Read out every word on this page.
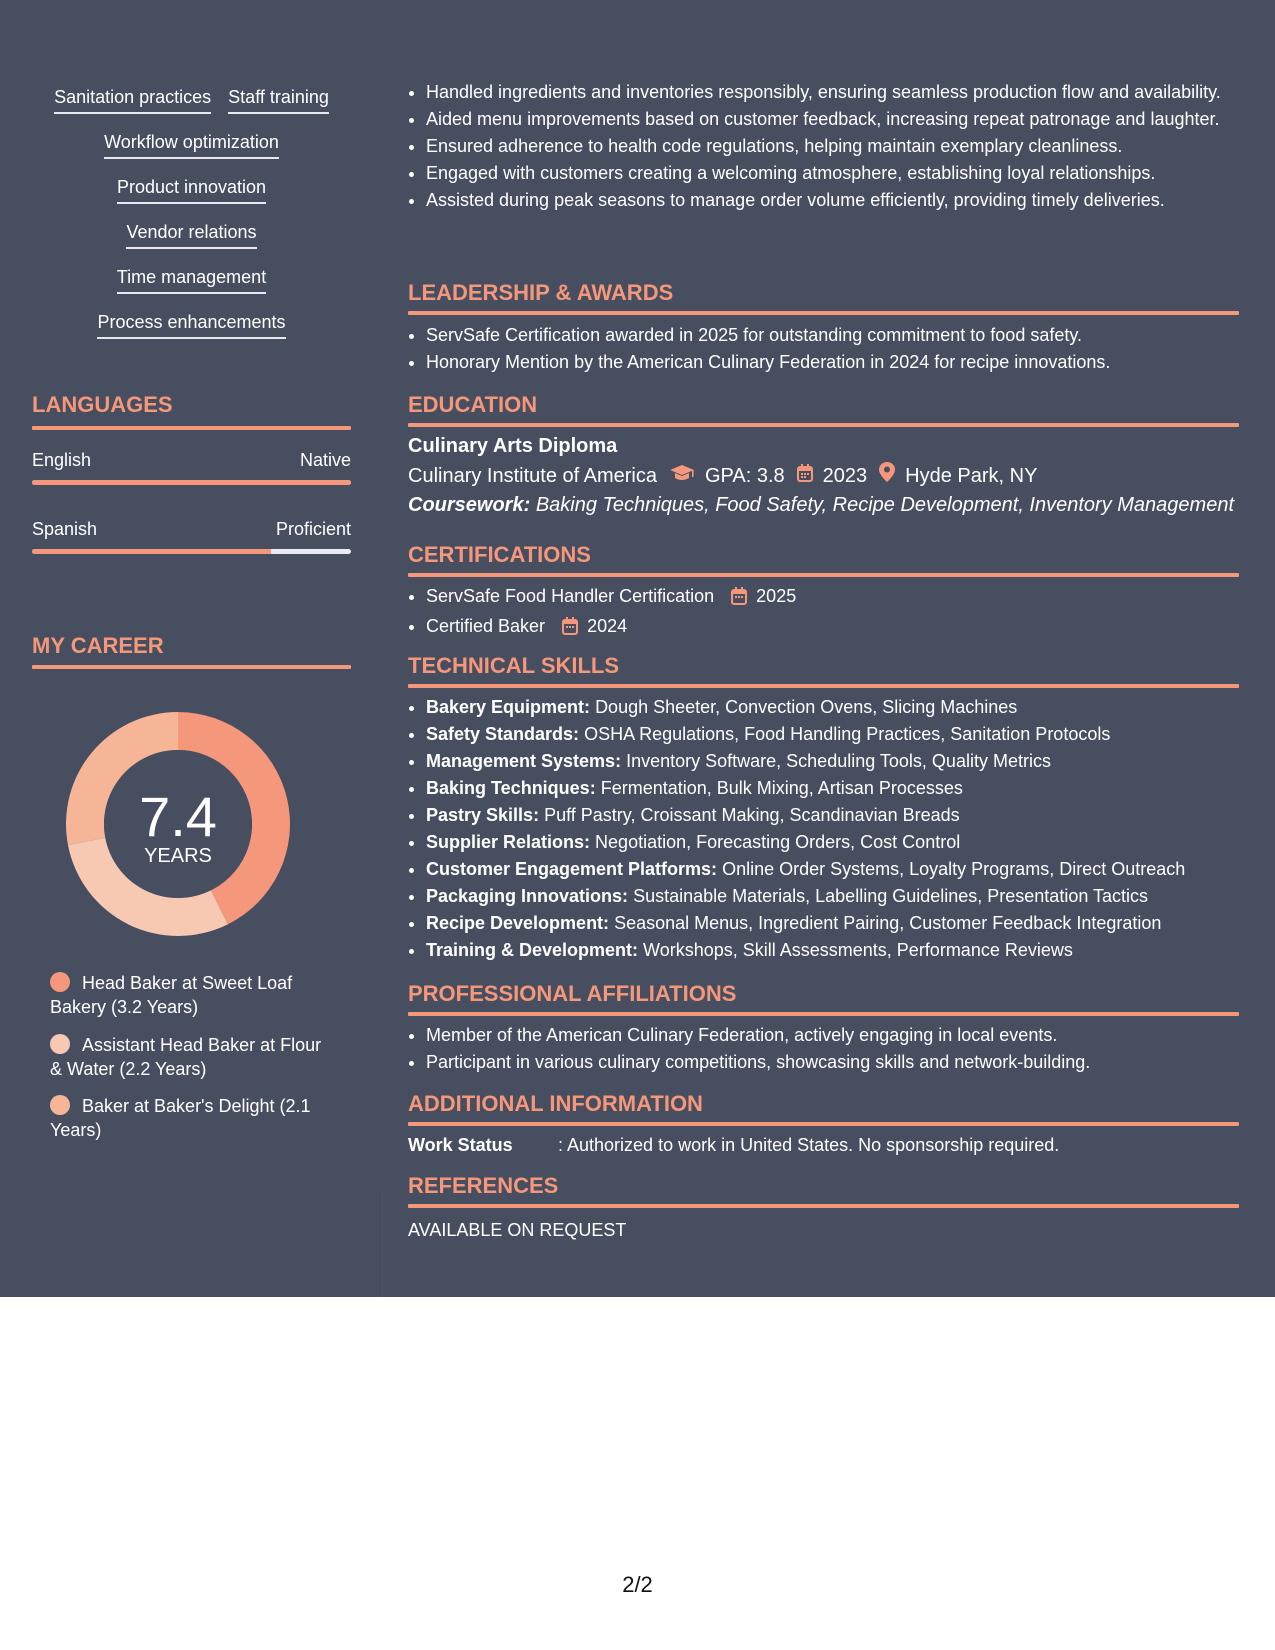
Sanitation practices Staff training
Workflow optimization
Product innovation
Vendor relations
Time management
Process enhancements
LANGUAGES
English	Native
Spanish	Proficient
MY CAREER
7.4
YEARS
Head Baker at Sweet Loaf Bakery (3.2 Years)
Assistant Head Baker at Flour & Water (2.2 Years)
Baker at Baker's Delight (2.1 Years)
• Handled ingredients and inventories responsibly, ensuring seamless production flow and availability.
• Aided menu improvements based on customer feedback, increasing repeat patronage and laughter.
• Ensured adherence to health code regulations, helping maintain exemplary cleanliness.
• Engaged with customers creating a welcoming atmosphere, establishing loyal relationships.
• Assisted during peak seasons to manage order volume efficiently, providing timely deliveries.
LEADERSHIP & AWARDS
• ServSafe Certification awarded in 2025 for outstanding commitment to food safety.
• Honorary Mention by the American Culinary Federation in 2024 for recipe innovations.
EDUCATION
Culinary Arts Diploma
Culinary Institute of America GPA: 3.8 2023 Hyde Park, NY
Coursework: Baking Techniques, Food Safety, Recipe Development, Inventory Management
CERTIFICATIONS
• ServSafe Food Handler Certification 2025
• Certified Baker 2024
TECHNICAL SKILLS
• Bakery Equipment: Dough Sheeter, Convection Ovens, Slicing Machines
• Safety Standards: OSHA Regulations, Food Handling Practices, Sanitation Protocols
• Management Systems: Inventory Software, Scheduling Tools, Quality Metrics
• Baking Techniques: Fermentation, Bulk Mixing, Artisan Processes
• Pastry Skills: Puff Pastry, Croissant Making, Scandinavian Breads
• Supplier Relations: Negotiation, Forecasting Orders, Cost Control
• Customer Engagement Platforms: Online Order Systems, Loyalty Programs, Direct Outreach
• Packaging Innovations: Sustainable Materials, Labelling Guidelines, Presentation Tactics
• Recipe Development: Seasonal Menus, Ingredient Pairing, Customer Feedback Integration
• Training & Development: Workshops, Skill Assessments, Performance Reviews
PROFESSIONAL AFFILIATIONS
• Member of the American Culinary Federation, actively engaging in local events.
• Participant in various culinary competitions, showcasing skills and network-building.
ADDITIONAL INFORMATION
Work Status	: Authorized to work in United States. No sponsorship required.
REFERENCES
AVAILABLE ON REQUEST
2/2
